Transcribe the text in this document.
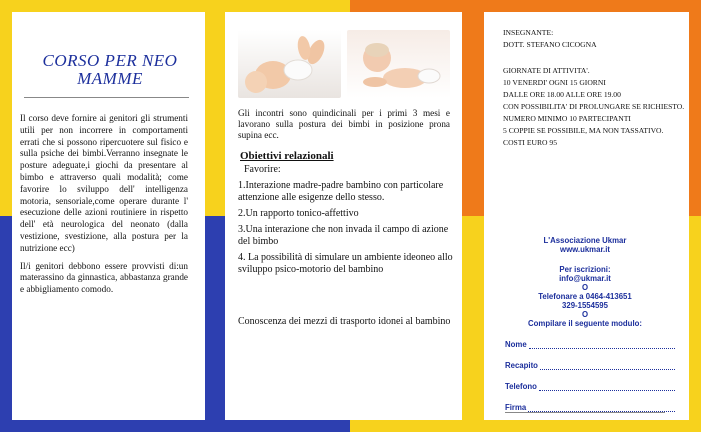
CORSO PER NEO MAMME

Il corso deve fornire ai genitori gli strumenti utili per non incorrere in comportamenti errati che si possono ripercuotere sul fisico e sulla psiche dei bimbi.Verranno insegnate le posture adeguate,i giochi da presentare al bimbo e attraverso quali modalità; come favorire lo sviluppo dell' intelligenza motoria, sensoriale,come operare durante l' esecuzione delle azioni routiniere in rispetto dell' età neurologica del neonato (dalla vestizione, svestizione, alla postura per la nutrizione ecc)

Il/i genitori debbono essere provvisti di:un materassino da ginnastica, abbastanza grande e abbigliamento comodo.

Gli incontri sono quindicinali per i primi 3 mesi e lavorano sulla postura dei bimbi in posizione prona supina ecc.
Obiettivi relazionali

Favorire:

1.Interazione madre-padre bambino con particolare attenzione alle esigenze dello stesso.

2.Un rapporto tonico-affettivo

3.Una interazione che non invada il campo di azione del bimbo

4. La possibilità di simulare un ambiente ideoneo allo sviluppo psico-motorio del bambino

Conoscenza dei mezzi di trasporto idonei al bambino

INSEGNANTE:

DOTT. STEFANO CICOGNA

GIORNATE DI ATTIVITA'.

10 VENERDI' OGNI 15 GIORNI

DALLE ORE 18.00 ALLE ORE 19.00

CON POSSIBILITA' DI PROLUNGARE SE RICHIESTO.

NUMERO MINIMO 10 PARTECIPANTI

5 COPPIE SE POSSIBILE, MA NON TASSATIVO.

COSTI EURO 95

L'Associazione Ukmar

www.ukmar.it

Per iscrizioni:

info@ukmar.it

O

Telefonare a 0464-413651

329-1554595

O

Compilare il seguente modulo:

Nome
Recapito
Telefono
Firma
